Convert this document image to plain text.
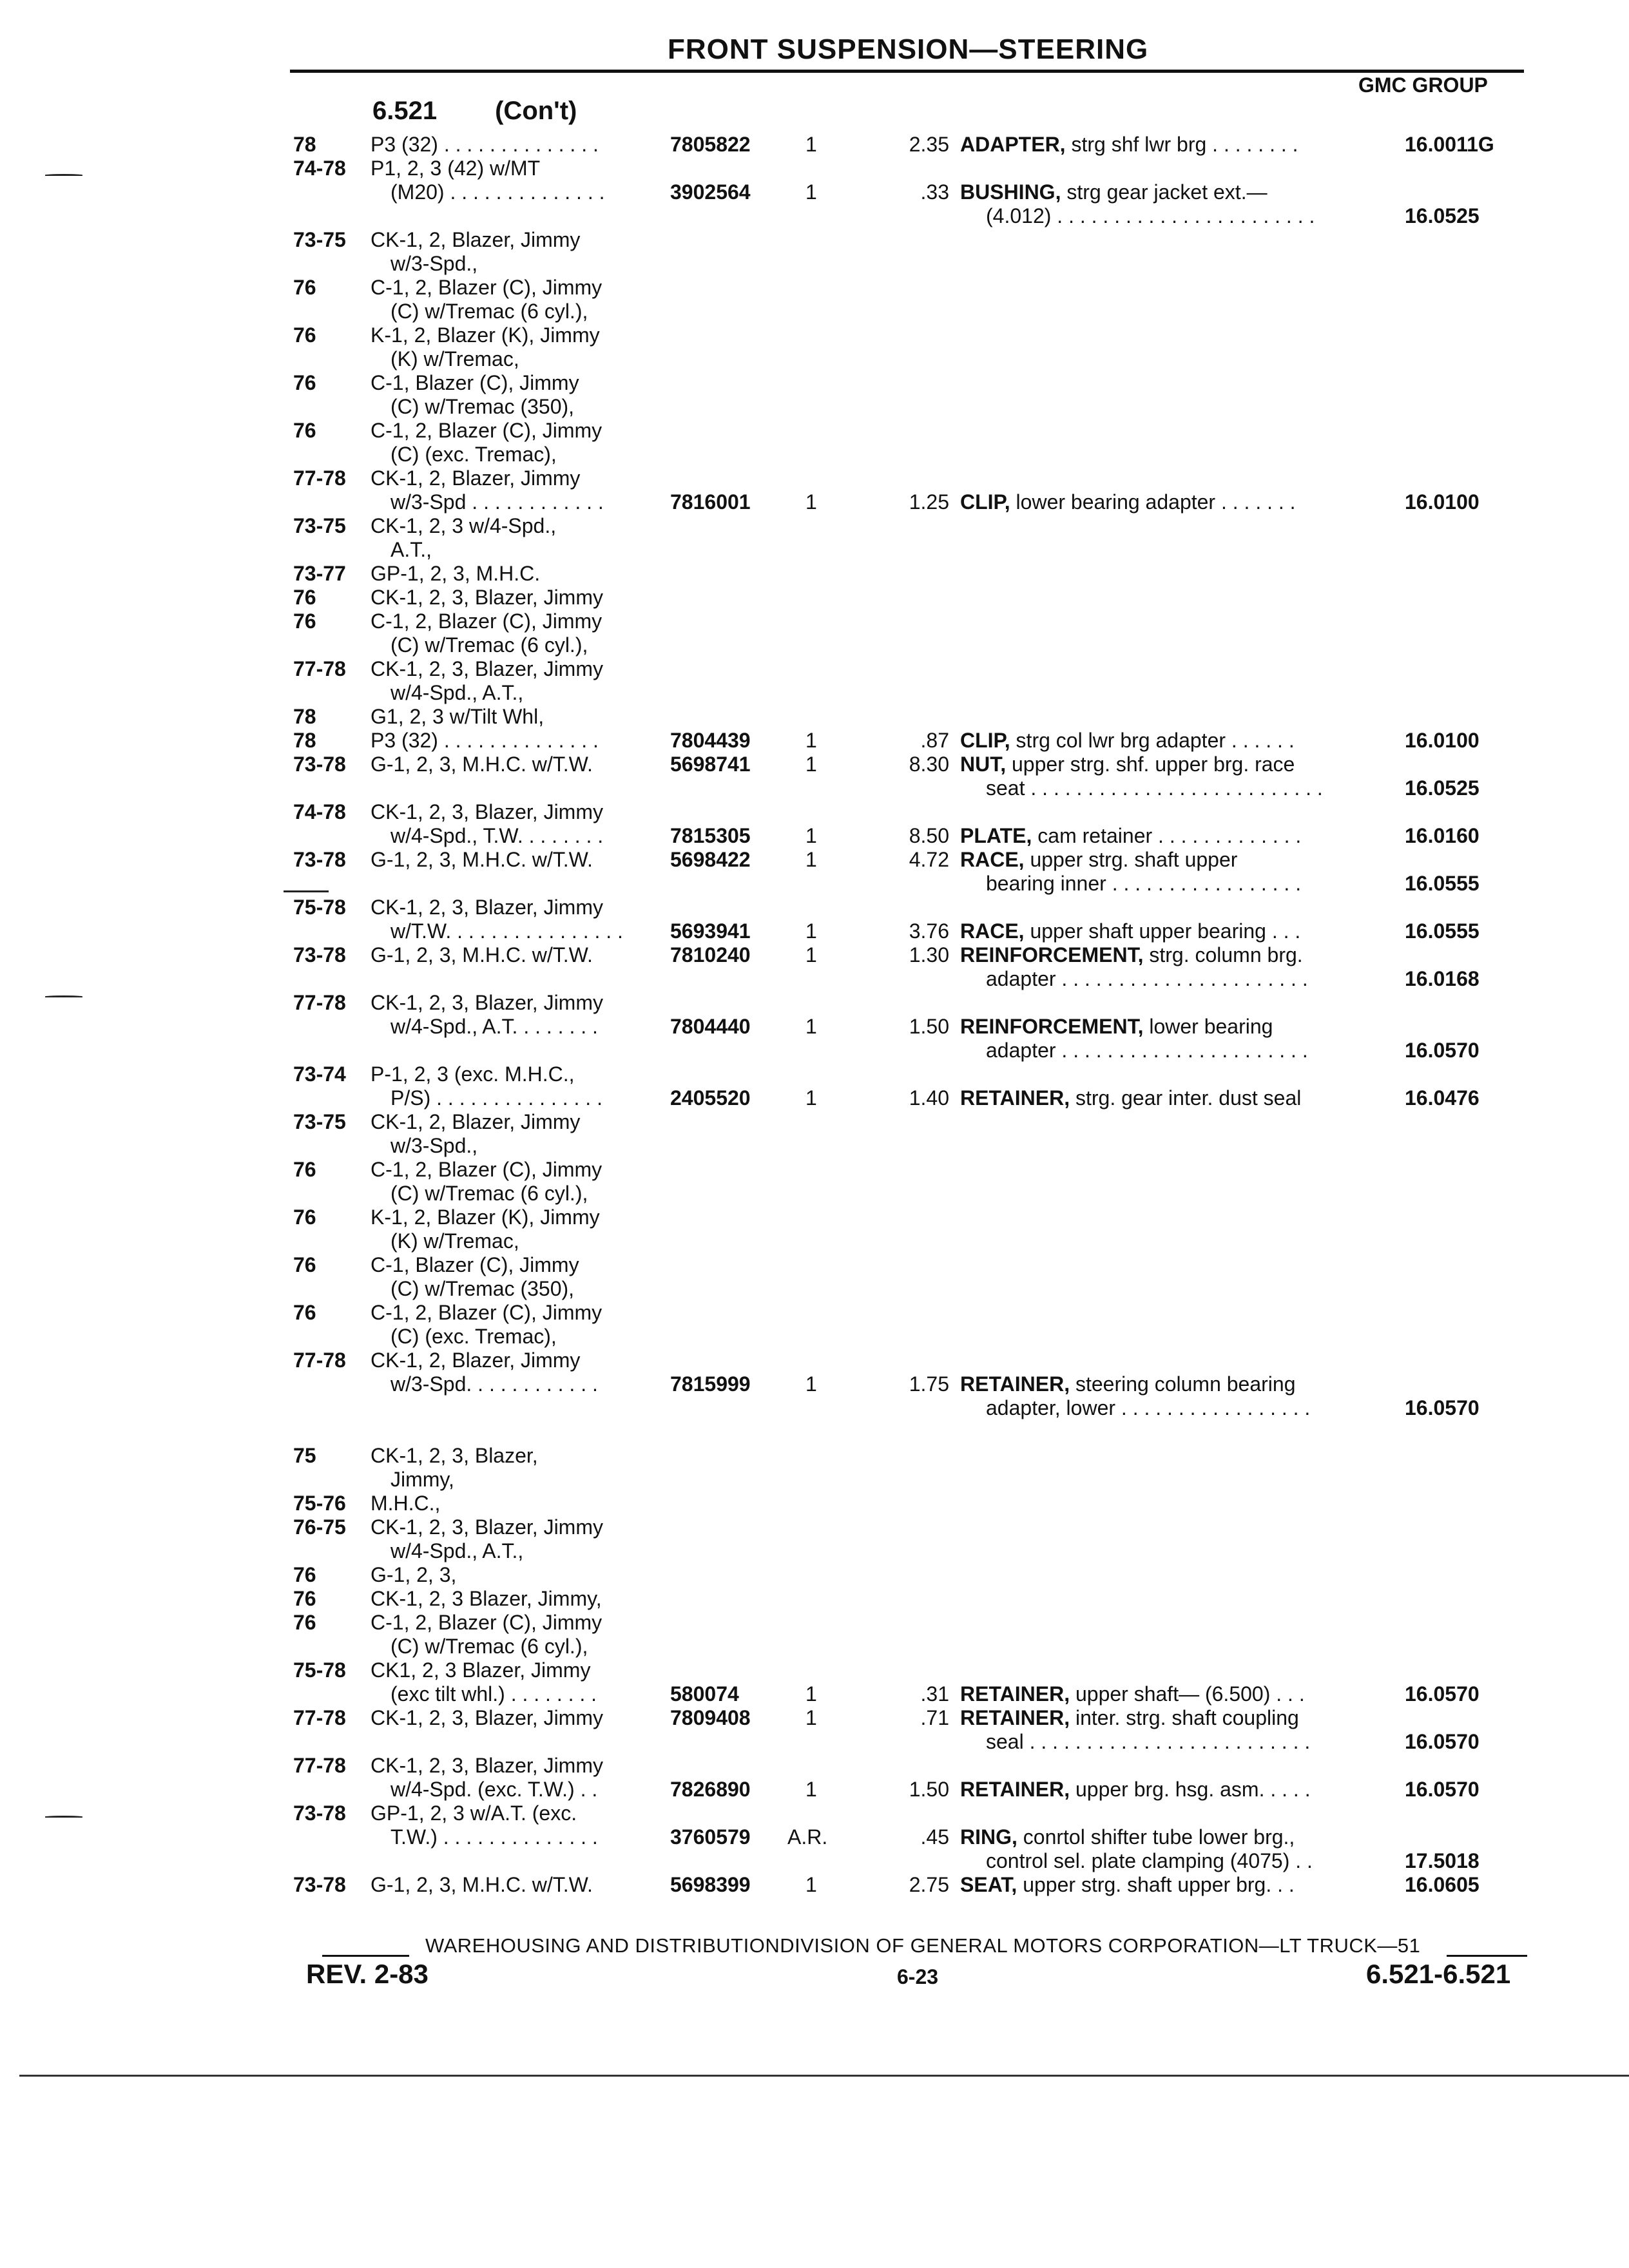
FRONT SUSPENSION—STEERING
GMC GROUP
6.521 (Con't)
78	P3 (32) . . . . . . . . . . . . . .	7805822	1	2.35 ADAPTER, strg shf lwr brg . . . . . . . .	16.0011G
74-78 P1, 2, 3 (42) w/MT
(M20) . . . . . . . . . . . . . .	3902564	1	.33 BUSHING, strg gear jacket ext.—
(4.012) . . . . . . . . . . . . . . . . . . . . . . .	16.0525
73-75 CK-1, 2, Blazer, Jimmy
w/3-Spd.,
76	C-1, 2, Blazer (C), Jimmy
(C) w/Tremac (6 cyl.),
76	K-1, 2, Blazer (K), Jimmy
(K) w/Tremac,
76	C-1, Blazer (C), Jimmy
(C) w/Tremac (350),
76	C-1, 2, Blazer (C), Jimmy
(C) (exc. Tremac),
77-78 CK-1, 2, Blazer, Jimmy
w/3-Spd . . . . . . . . . . . .	7816001	1	1.25 CLIP, lower bearing adapter . . . . . . .	16.0100
73-75 CK-1, 2, 3 w/4-Spd.,
A.T.,
73-77 GP-1, 2, 3, M.H.C.
76	CK-1, 2, 3, Blazer, Jimmy
76	C-1, 2, Blazer (C), Jimmy
(C) w/Tremac (6 cyl.),
77-78 CK-1, 2, 3, Blazer, Jimmy
w/4-Spd., A.T.,
78	G1, 2, 3 w/Tilt Whl,
78	P3 (32) . . . . . . . . . . . . . .	7804439	1	.87 CLIP, strg col lwr brg adapter . . . . . .	16.0100
73-78 G-1, 2, 3, M.H.C. w/T.W.	5698741	1	8.30 NUT, upper strg. shf. upper brg. race
seat . . . . . . . . . . . . . . . . . . . . . . . . . .	16.0525
74-78 CK-1, 2, 3, Blazer, Jimmy
w/4-Spd., T.W. . . . . . . .	7815305	1	8.50 PLATE, cam retainer . . . . . . . . . . . . .	16.0160
73-78 G-1, 2, 3, M.H.C. w/T.W.	5698422	1	4.72 RACE, upper strg. shaft upper
bearing inner . . . . . . . . . . . . . . . . .	16.0555
75-78 CK-1, 2, 3, Blazer, Jimmy
w/T.W. . . . . . . . . . . . . . . . 5693941	1	3.76 RACE, upper shaft upper bearing . . .	16.0555
73-78 G-1, 2, 3, M.H.C. w/T.W.	7810240	1	1.30 REINFORCEMENT, strg. column brg.
adapter . . . . . . . . . . . . . . . . . . . . . .	16.0168
77-78 CK-1, 2, 3, Blazer, Jimmy
w/4-Spd., A.T. . . . . . . .	7804440	1	1.50 REINFORCEMENT, lower bearing
adapter . . . . . . . . . . . . . . . . . . . . . .	16.0570
73-74 P-1, 2, 3 (exc. M.H.C.,
P/S) . . . . . . . . . . . . . . .	2405520	1	1.40 RETAINER, strg. gear inter. dust seal	16.0476
73-75 CK-1, 2, Blazer, Jimmy
w/3-Spd.,
76	C-1, 2, Blazer (C), Jimmy
(C) w/Tremac (6 cyl.),
76	K-1, 2, Blazer (K), Jimmy
(K) w/Tremac,
76	C-1, Blazer (C), Jimmy
(C) w/Tremac (350),
76	C-1, 2, Blazer (C), Jimmy
(C) (exc. Tremac),
77-78 CK-1, 2, Blazer, Jimmy
w/3-Spd. . . . . . . . . . . .	7815999	1	1.75 RETAINER, steering column bearing
adapter, lower . . . . . . . . . . . . . . . . .	16.0570
75	CK-1, 2, 3, Blazer,
Jimmy,
75-76 M.H.C.,
76-75 CK-1, 2, 3, Blazer, Jimmy
w/4-Spd., A.T.,
76	G-1, 2, 3,
76	CK-1, 2, 3 Blazer, Jimmy,
76	C-1, 2, Blazer (C), Jimmy
(C) w/Tremac (6 cyl.),
75-78 CK1, 2, 3 Blazer, Jimmy
(exc tilt whl.) . . . . . . . .	580074	1	.31 RETAINER, upper shaft— (6.500) . . .	16.0570
77-78 CK-1, 2, 3, Blazer, Jimmy	7809408	1	.71 RETAINER, inter. strg. shaft coupling
seal . . . . . . . . . . . . . . . . . . . . . . . . .	16.0570
77-78 CK-1, 2, 3, Blazer, Jimmy
w/4-Spd. (exc. T.W.) . .	7826890	1	1.50 RETAINER, upper brg. hsg. asm. . . . .	16.0570
73-78 GP-1, 2, 3 w/A.T. (exc.
T.W.) . . . . . . . . . . . . . .	3760579 A.R.	.45 RING, conrtol shifter tube lower brg.,
control sel. plate clamping (4075) . .	17.5018
73-78 G-1, 2, 3, M.H.C. w/T.W.	5698399	1	2.75 SEAT, upper strg. shaft upper brg. . .	16.0605
WAREHOUSING AND DISTRIBUTIONDIVISION OF GENERAL MOTORS CORPORATION—LT TRUCK—51
REV. 2-83	6-23	6.521-6.521
